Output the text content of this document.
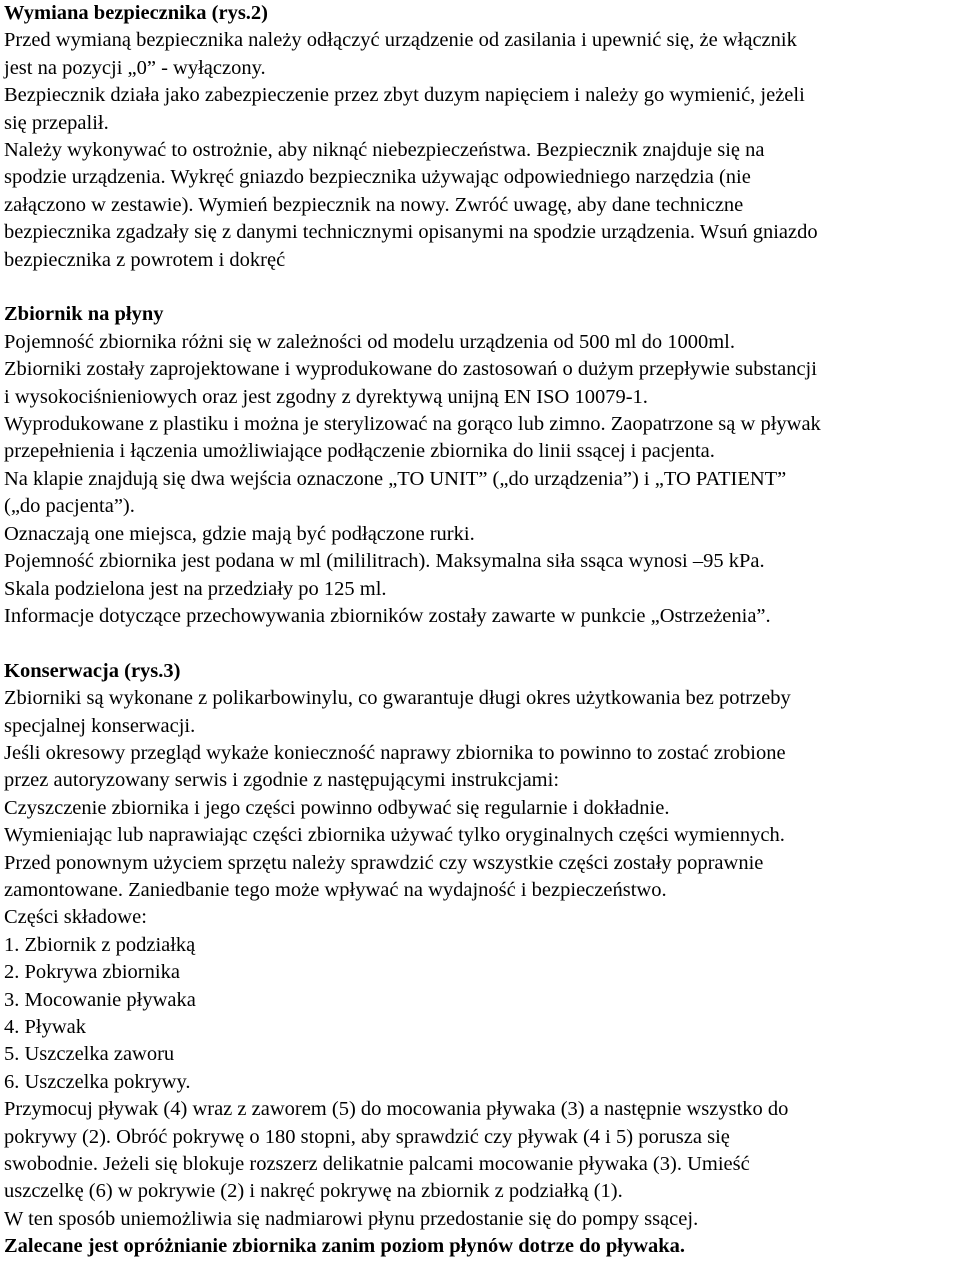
Wymiana bezpiecznika (rys.2)
Przed wymianą bezpiecznika należy odłączyć urządzenie od zasilania i upewnić się, że włącznik
jest na pozycji „0” - wyłączony.
Bezpiecznik działa jako zabezpieczenie przez zbyt duzym napięciem i należy go wymienić, jeżeli
się przepalił.
Należy wykonywać to ostrożnie, aby niknąć niebezpieczeństwa. Bezpiecznik znajduje się na
spodzie urządzenia. Wykręć gniazdo bezpiecznika używając odpowiedniego narzędzia (nie
załączono w zestawie). Wymień bezpiecznik na nowy. Zwróć uwagę, aby dane techniczne
bezpiecznika zgadzały się z danymi technicznymi opisanymi na spodzie urządzenia. Wsuń gniazdo
bezpiecznika z powrotem i dokręć
Zbiornik na płyny
Pojemność zbiornika różni się w zależności od modelu urządzenia od 500 ml do 1000ml.
Zbiorniki zostały zaprojektowane i wyprodukowane do zastosowań o dużym przepływie substancji
i wysokociśnieniowych oraz jest zgodny z dyrektywą unijną EN ISO 10079-1.
Wyprodukowane z plastiku i można je sterylizować na gorąco lub zimno. Zaopatrzone są w pływak
przepełnienia i łączenia umożliwiające podłączenie zbiornika do linii ssącej i pacjenta.
Na klapie znajdują się dwa wejścia oznaczone „TO UNIT” („do urządzenia”) i „TO PATIENT”
(„do pacjenta”).
Oznaczają one miejsca, gdzie mają być podłączone rurki.
Pojemność zbiornika jest podana w ml (mililitrach). Maksymalna siła ssąca wynosi –95 kPa.
Skala podzielona jest na przedziały po 125 ml.
Informacje dotyczące przechowywania zbiorników zostały zawarte w punkcie „Ostrzeżenia”.
Konserwacja (rys.3)
Zbiorniki są wykonane z polikarbowinylu, co gwarantuje długi okres użytkowania bez potrzeby
specjalnej konserwacji.
Jeśli okresowy przegląd wykaże konieczność naprawy zbiornika to powinno to zostać zrobione
przez autoryzowany serwis i zgodnie z następującymi instrukcjami:
Czyszczenie zbiornika i jego części powinno odbywać się regularnie i dokładnie.
Wymieniając lub naprawiając części zbiornika używać tylko oryginalnych części wymiennych.
Przed ponownym użyciem sprzętu należy sprawdzić czy wszystkie części zostały poprawnie
zamontowane. Zaniedbanie tego może wpływać na wydajność i bezpieczeństwo.
Części składowe:
1. Zbiornik z podziałką
2. Pokrywa zbiornika
3. Mocowanie pływaka
4. Pływak
5. Uszczelka zaworu
6. Uszczelka pokrywy.
Przymocuj pływak (4) wraz z zaworem (5) do mocowania pływaka (3) a następnie wszystko do
pokrywy (2). Obróć pokrywę o 180 stopni, aby sprawdzić czy pływak (4 i 5) porusza się
swobodnie. Jeżeli się blokuje rozszerz delikatnie palcami mocowanie pływaka (3). Umieść
uszczelkę (6) w pokrywie (2) i nakręć pokrywę na zbiornik z podziałką (1).
W ten sposób uniemożliwia się nadmiarowi płynu przedostanie się do pompy ssącej.
Zalecane jest opróżnianie zbiornika zanim poziom płynów dotrze do pływaka.
